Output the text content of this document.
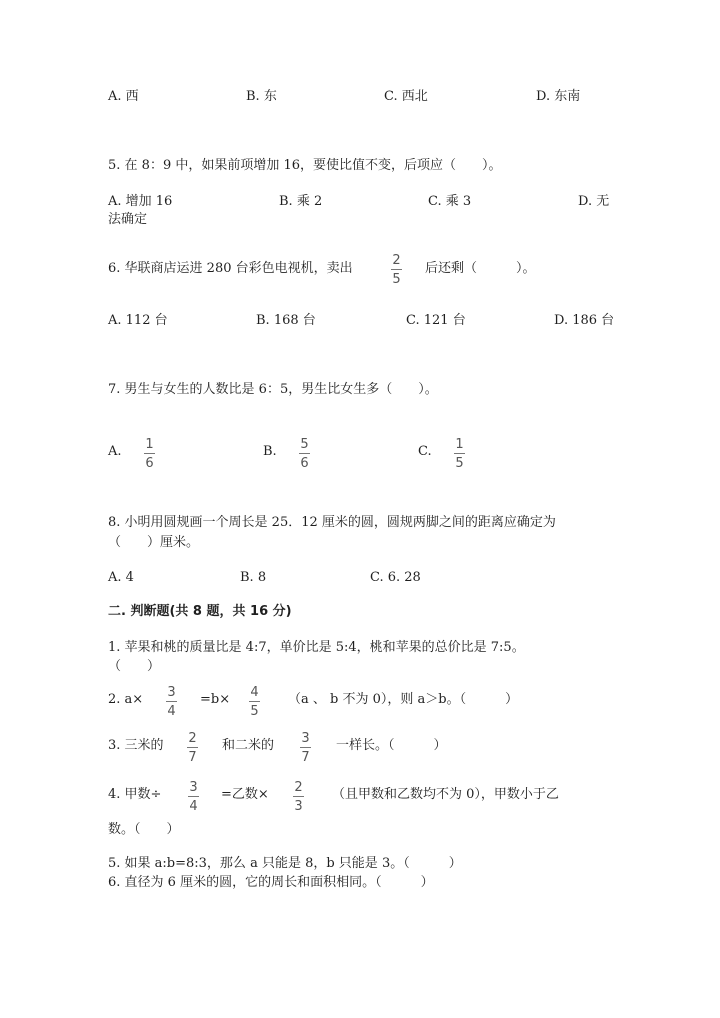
A. 西	B. 东	C. 西北	D. 东南
5. 在 8：9 中，如果前项增加 16，要使比值不变，后项应（　　）。
A. 增加 16	B. 乘 2	C. 乘 3	D. 无
法确定
6. 华联商店运进 280 台彩色电视机，卖出
2
5
后还剩（　　　）。
A. 112 台	B. 168 台	C. 121 台	D. 186 台
7. 男生与女生的人数比是 6：5，男生比女生多（　　）。
A. 1
6
B. 5
6
C. 1
5
8. 小明用圆规画一个周长是 25．12 厘米的圆，圆规两脚之间的距离应确定为
（　　）厘米。
A. 4	B. 8	C. 6. 28
二. 判断题(共 8 题，共 16 分)
1. 苹果和桃的质量比是 4:7，单价比是 5:4，桃和苹果的总价比是 7:5。
（　　）
2. a× 3
4
=b× 4
5
（a 、 b 不为 0），则 a＞b。（　　　）
3. 三米的 2
7
和二米的 3
7
一样长。（　　　）
4. 甲数÷ 3
4
=乙数× 2
3
（且甲数和乙数均不为 0），甲数小于乙
数。（　　）
5. 如果 a:b=8:3，那么 a 只能是 8，b 只能是 3。（　　　）
6. 直径为 6 厘米的圆，它的周长和面积相同。（　　　）
